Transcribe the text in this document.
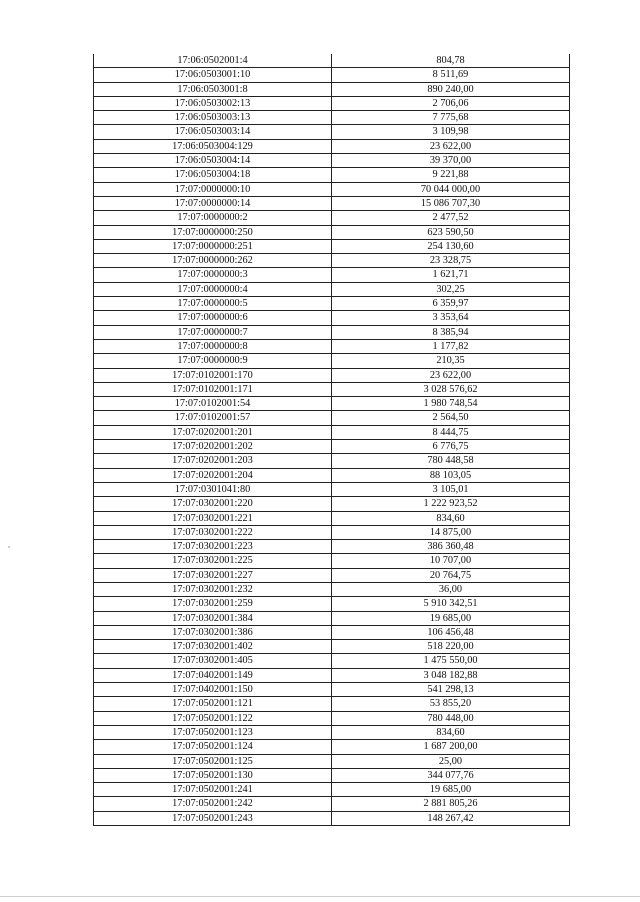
17:06:0502001:4	804,78
17:06:0503001:10	8 511,69
17:06:0503001:8	890 240,00
17:06:0503002:13	2 706,06
17:06:0503003:13	7 775,68
17:06:0503003:14	3 109,98
17:06:0503004:129	23 622,00
17:06:0503004:14	39 370,00
17:06:0503004:18	9 221,88
17:07:0000000:10	70 044 000,00
17:07:0000000:14	15 086 707,30
17:07:0000000:2	2 477,52
17:07:0000000:250	623 590,50
17:07:0000000:251	254 130,60
17:07:0000000:262	23 328,75
17:07:0000000:3	1 621,71
17:07:0000000:4	302,25
17:07:0000000:5	6 359,97
17:07:0000000:6	3 353,64
17:07:0000000:7	8 385,94
17:07:0000000:8	1 177,82
17:07:0000000:9	210,35
17:07:0102001:170	23 622,00
17:07:0102001:171	3 028 576,62
17:07:0102001:54	1 980 748,54
17:07:0102001:57	2 564,50
17:07:0202001:201	8 444,75
17:07:0202001:202	6 776,75
17:07:0202001:203	780 448,58
17:07:0202001:204	88 103,05
17:07:0301041:80	3 105,01
17:07:0302001:220	1 222 923,52
17:07:0302001:221	834,60
17:07:0302001:222	14 875,00
17:07:0302001:223	386 360,48
17:07:0302001:225	10 707,00
17:07:0302001:227	20 764,75
17:07:0302001:232	36,00
17:07:0302001:259	5 910 342,51
17:07:0302001:384	19 685,00
17:07:0302001:386	106 456,48
17:07:0302001:402	518 220,00
17:07:0302001:405	1 475 550,00
17:07:0402001:149	3 048 182,88
17:07:0402001:150	541 298,13
17:07:0502001:121	53 855,20
17:07:0502001:122	780 448,00
17:07:0502001:123	834,60
17:07:0502001:124	1 687 200,00
17:07:0502001:125	25,00
17:07:0502001:130	344 077,76
17:07:0502001:241	19 685,00
17:07:0502001:242	2 881 805,26
17:07:0502001:243	148 267,42
